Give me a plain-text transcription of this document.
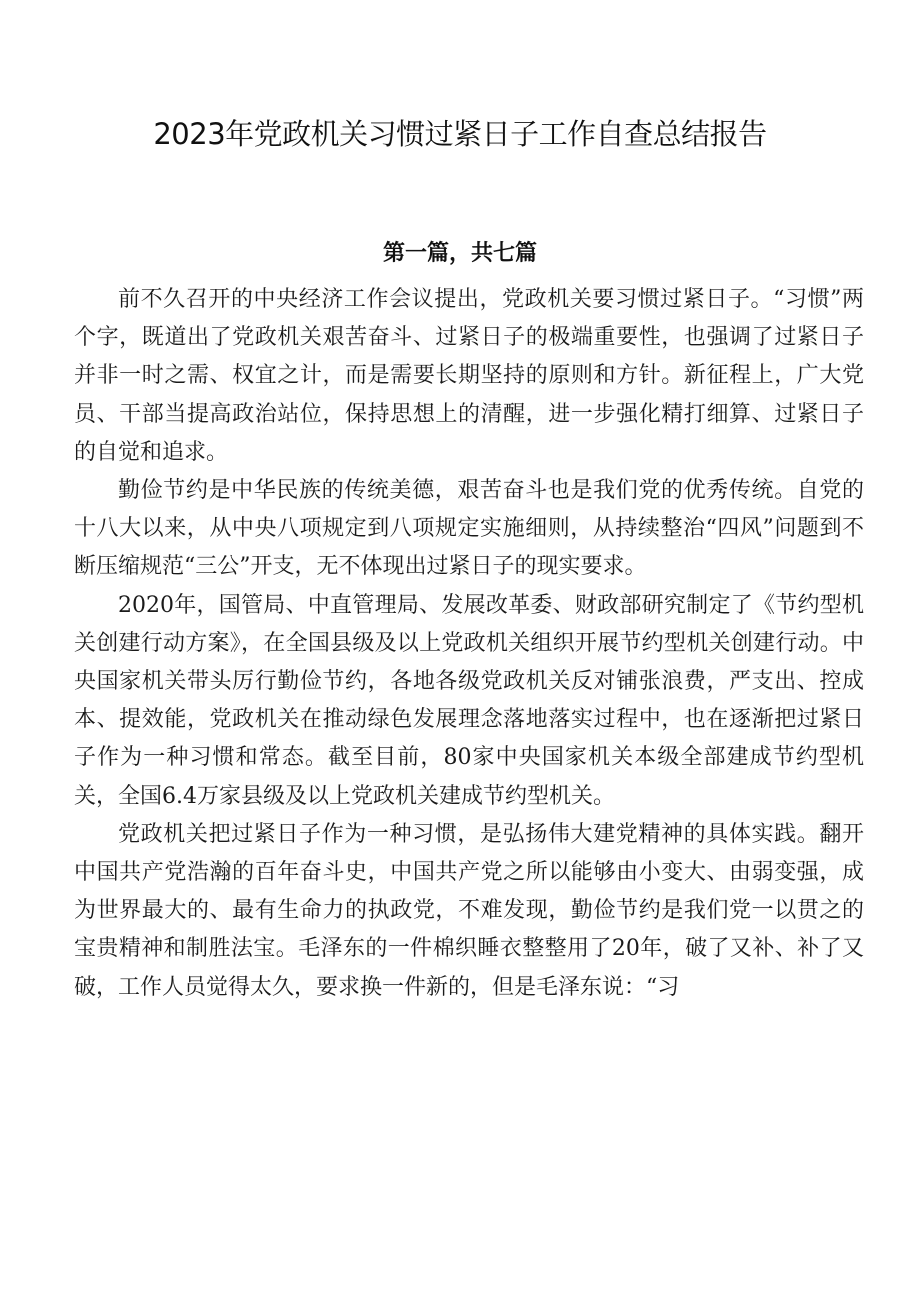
2023年党政机关习惯过紧日子工作自查总结报告
第一篇，共七篇

前不久召开的中央经济工作会议提出，党政机关要习惯过紧日子。“习惯”两个字，既道出了党政机关艰苦奋斗、过紧日子的极端重要性，也强调了过紧日子并非一时之需、权宜之计，而是需要长期坚持的原则和方针。新征程上，广大党员、干部当提高政治站位，保持思想上的清醒，进一步强化精打细算、过紧日子的自觉和追求。

勤俭节约是中华民族的传统美德，艰苦奋斗也是我们党的优秀传统。自党的十八大以来，从中央八项规定到八项规定实施细则，从持续整治“四风”问题到不断压缩规范“三公”开支，无不体现出过紧日子的现实要求。

2020年，国管局、中直管理局、发展改革委、财政部研究制定了《节约型机关创建行动方案》，在全国县级及以上党政机关组织开展节约型机关创建行动。中央国家机关带头厉行勤俭节约，各地各级党政机关反对铺张浪费，严支出、控成本、提效能，党政机关在推动绿色发展理念落地落实过程中，也在逐渐把过紧日子作为一种习惯和常态。截至目前，80家中央国家机关本级全部建成节约型机关，全国6.4万家县级及以上党政机关建成节约型机关。

党政机关把过紧日子作为一种习惯，是弘扬伟大建党精神的具体实践。翻开中国共产党浩瀚的百年奋斗史，中国共产党之所以能够由小变大、由弱变强，成为世界最大的、最有生命力的执政党，不难发现，勤俭节约是我们党一以贯之的宝贵精神和制胜法宝。毛泽东的一件棉织睡衣整整用了20年，破了又补、补了又破，工作人员觉得太久，要求换一件新的，但是毛泽东说：“习
